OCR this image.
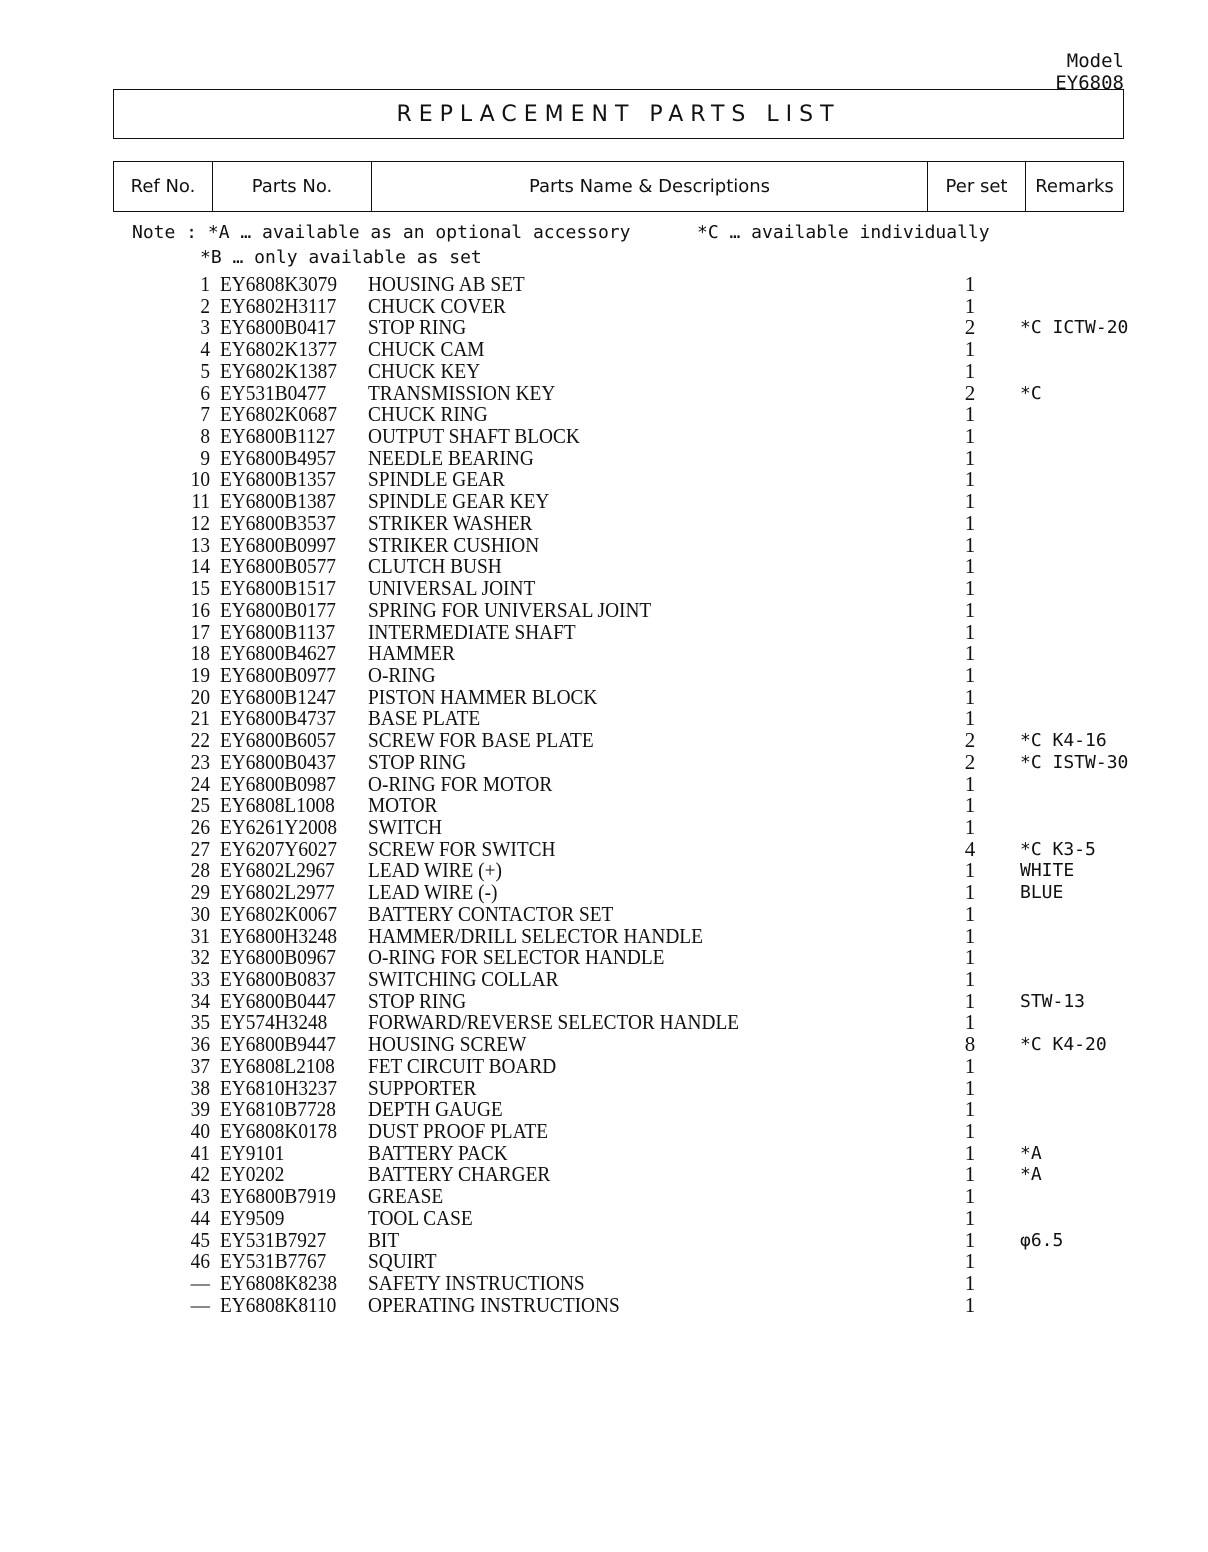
Model EY6808
REPLACEMENT PARTS LIST
Ref No.	Parts No.	Parts Name & Descriptions	Per set	Remarks
Note : *A … available as an optional accessory	*C … available individually
*B … only available as set
1 EY6808K3079 HOUSING AB SET	1
2 EY6802H3117 CHUCK COVER	1
3 EY6800B0417 STOP RING	2	*C ICTW-20
4 EY6802K1377 CHUCK CAM	1
5 EY6802K1387 CHUCK KEY	1
6 EY531B0477 TRANSMISSION KEY	2	*C
7 EY6802K0687 CHUCK RING	1
8 EY6800B1127 OUTPUT SHAFT BLOCK	1
9 EY6800B4957 NEEDLE BEARING	1
10 EY6800B1357 SPINDLE GEAR	1
11 EY6800B1387 SPINDLE GEAR KEY	1
12 EY6800B3537 STRIKER WASHER	1
13 EY6800B0997 STRIKER CUSHION	1
14 EY6800B0577 CLUTCH BUSH	1
15 EY6800B1517 UNIVERSAL JOINT	1
16 EY6800B0177 SPRING FOR UNIVERSAL JOINT	1
17 EY6800B1137 INTERMEDIATE SHAFT	1
18 EY6800B4627 HAMMER	1
19 EY6800B0977 O-RING	1
20 EY6800B1247 PISTON HAMMER BLOCK	1
21 EY6800B4737 BASE PLATE	1
22 EY6800B6057 SCREW FOR BASE PLATE	2	*C K4-16
23 EY6800B0437 STOP RING	2	*C ISTW-30
24 EY6800B0987 O-RING FOR MOTOR	1
25 EY6808L1008 MOTOR	1
26 EY6261Y2008 SWITCH	1
27 EY6207Y6027 SCREW FOR SWITCH	4	*C K3-5
28 EY6802L2967 LEAD WIRE (+)	1	WHITE
29 EY6802L2977 LEAD WIRE (-)	1	BLUE
30 EY6802K0067 BATTERY CONTACTOR SET	1
31 EY6800H3248 HAMMER/DRILL SELECTOR HANDLE	1
32 EY6800B0967 O-RING FOR SELECTOR HANDLE	1
33 EY6800B0837 SWITCHING COLLAR	1
34 EY6800B0447 STOP RING	1	STW-13
35 EY574H3248 FORWARD/REVERSE SELECTOR HANDLE	1
36 EY6800B9447 HOUSING SCREW	8	*C K4-20
37 EY6808L2108 FET CIRCUIT BOARD	1
38 EY6810H3237 SUPPORTER	1
39 EY6810B7728 DEPTH GAUGE	1
40 EY6808K0178 DUST PROOF PLATE	1
41 EY9101	BATTERY PACK	1	*A
42 EY0202	BATTERY CHARGER	1	*A
43 EY6800B7919 GREASE	1
44 EY9509	TOOL CASE	1
45 EY531B7927 BIT	1	φ6.5
46 EY531B7767 SQUIRT	1
— EY6808K8238 SAFETY INSTRUCTIONS	1
— EY6808K8110 OPERATING INSTRUCTIONS	1
